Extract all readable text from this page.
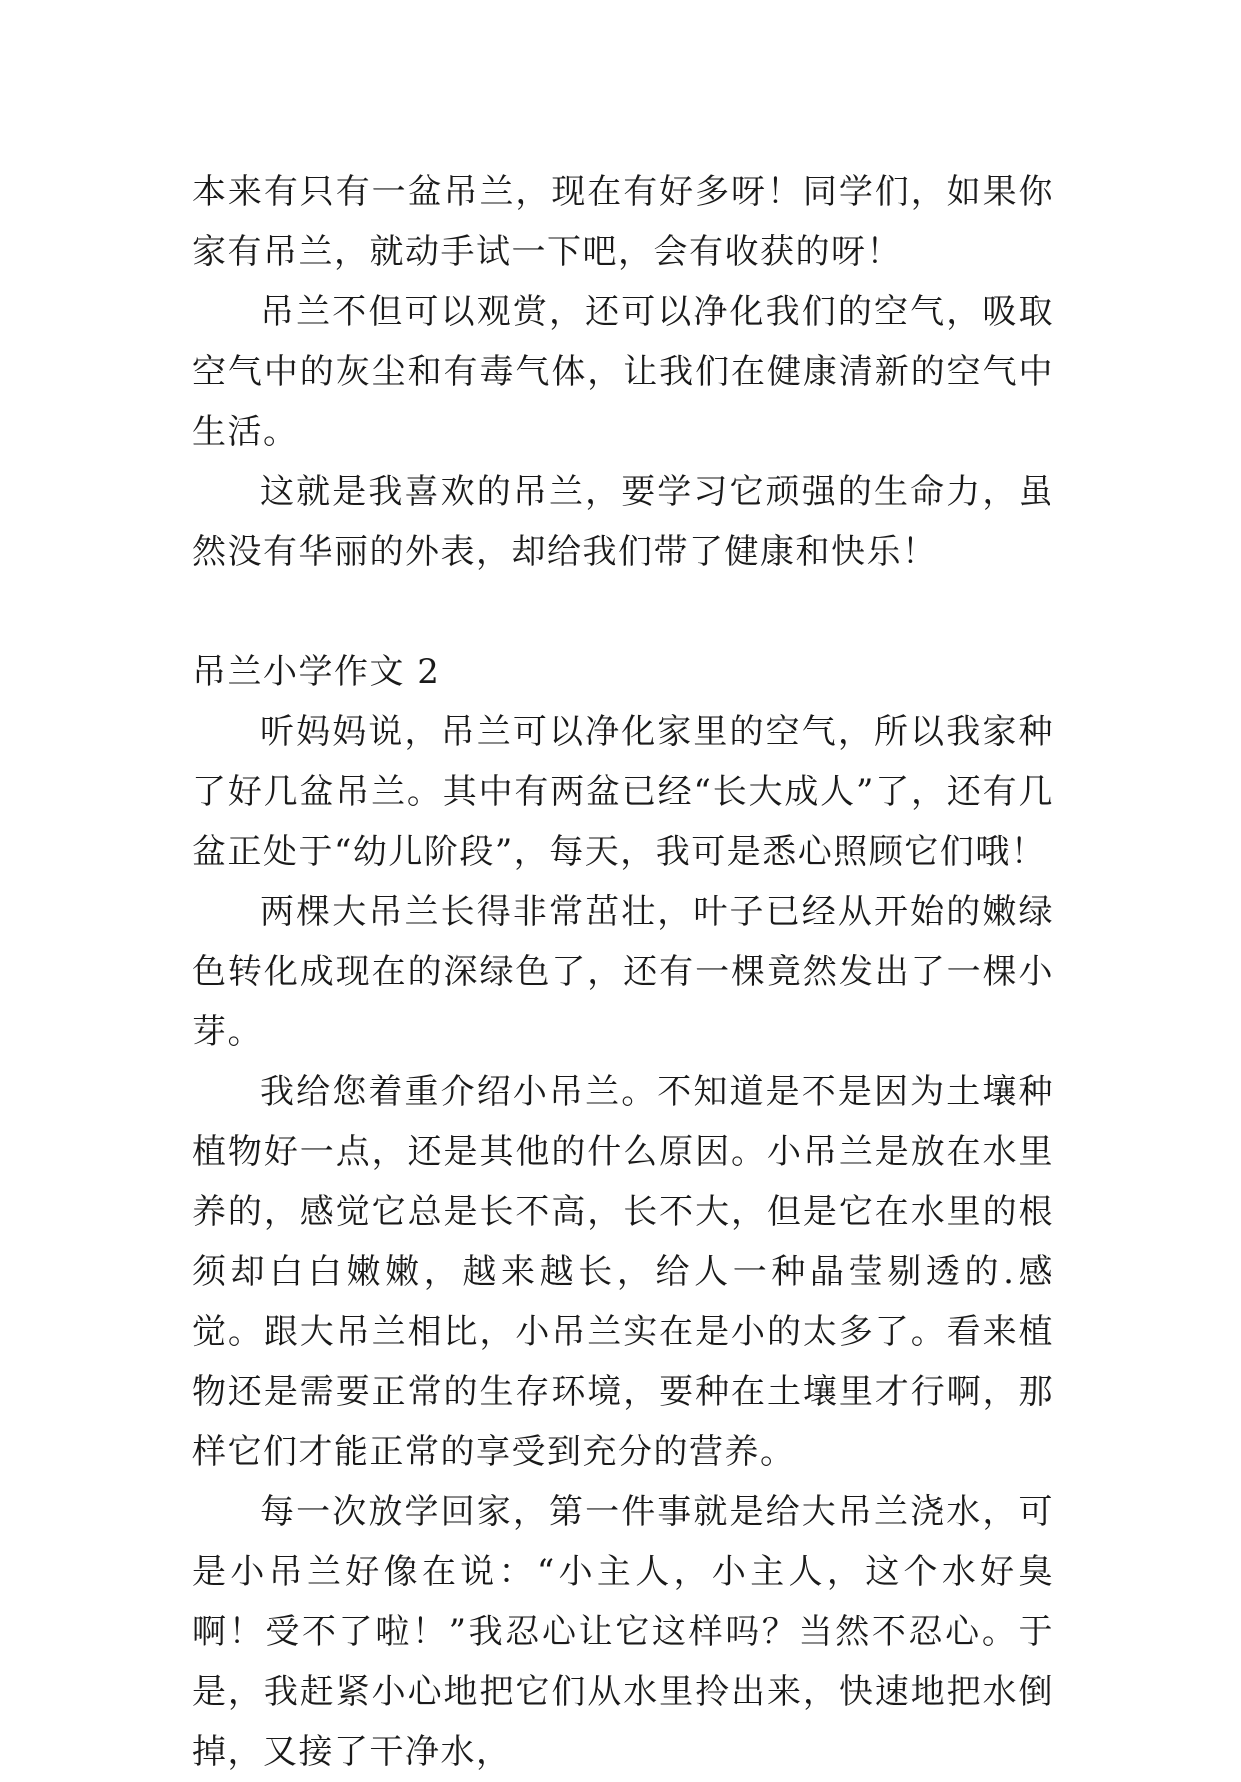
本来有只有一盆吊兰，现在有好多呀！同学们，如果你家有吊兰，就动手试一下吧，会有收获的呀！

吊兰不但可以观赏，还可以净化我们的空气，吸取空气中的灰尘和有毒气体，让我们在健康清新的空气中生活。

这就是我喜欢的吊兰，要学习它顽强的生命力，虽然没有华丽的外表，却给我们带了健康和快乐！

吊兰小学作文 2

听妈妈说，吊兰可以净化家里的空气，所以我家种了好几盆吊兰。其中有两盆已经“长大成人”了，还有几盆正处于“幼儿阶段”，每天，我可是悉心照顾它们哦！

两棵大吊兰长得非常茁壮，叶子已经从开始的嫩绿色转化成现在的深绿色了，还有一棵竟然发出了一棵小芽。

我给您着重介绍小吊兰。不知道是不是因为土壤种植物好一点，还是其他的什么原因。小吊兰是放在水里养的，感觉它总是长不高，长不大，但是它在水里的根须却白白嫩嫩，越来越长，给人一种晶莹剔透的.感觉。跟大吊兰相比，小吊兰实在是小的太多了。看来植物还是需要正常的生存环境，要种在土壤里才行啊，那样它们才能正常的享受到充分的营养。

每一次放学回家，第一件事就是给大吊兰浇水，可是小吊兰好像在说：“小主人，小主人，这个水好臭啊！受不了啦！”我忍心让它这样吗？当然不忍心。于是，我赶紧小心地把它们从水里拎出来，快速地把水倒掉，又接了干净水，
